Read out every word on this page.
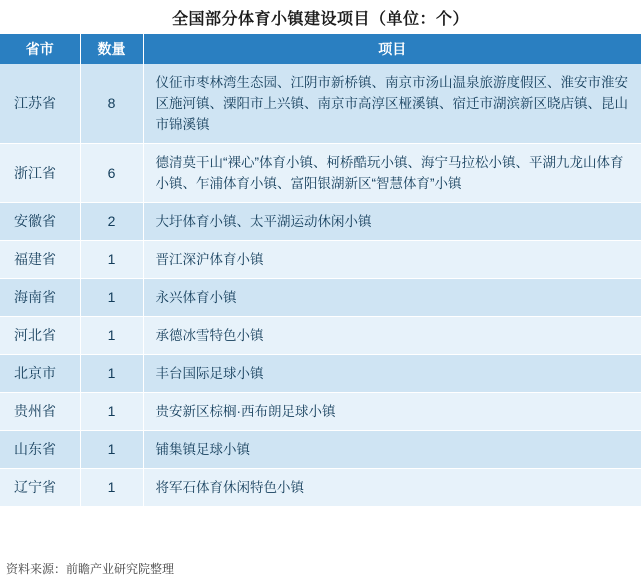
全国部分体育小镇建设项目（单位：个）
省市	数量	项目
江苏省	8	仪征市枣林湾生态园、江阴市新桥镇、南京市汤山温泉旅游度假区、淮安市淮安区施河镇、溧阳市上兴镇、南京市高淳区桠溪镇、宿迁市湖滨新区晓店镇、昆山市锦溪镇
浙江省	6	德清莫干山“裸心”体育小镇、柯桥酷玩小镇、海宁马拉松小镇、平湖九龙山体育小镇、乍浦体育小镇、富阳银湖新区“智慧体育”小镇
安徽省	2	大圩体育小镇、太平湖运动休闲小镇
福建省	1	晋江深沪体育小镇
海南省	1	永兴体育小镇
河北省	1	承德冰雪特色小镇
北京市	1	丰台国际足球小镇
贵州省	1	贵安新区棕榈·西布朗足球小镇
山东省	1	铺集镇足球小镇
辽宁省	1	将军石体育休闲特色小镇
资料来源：前瞻产业研究院整理
